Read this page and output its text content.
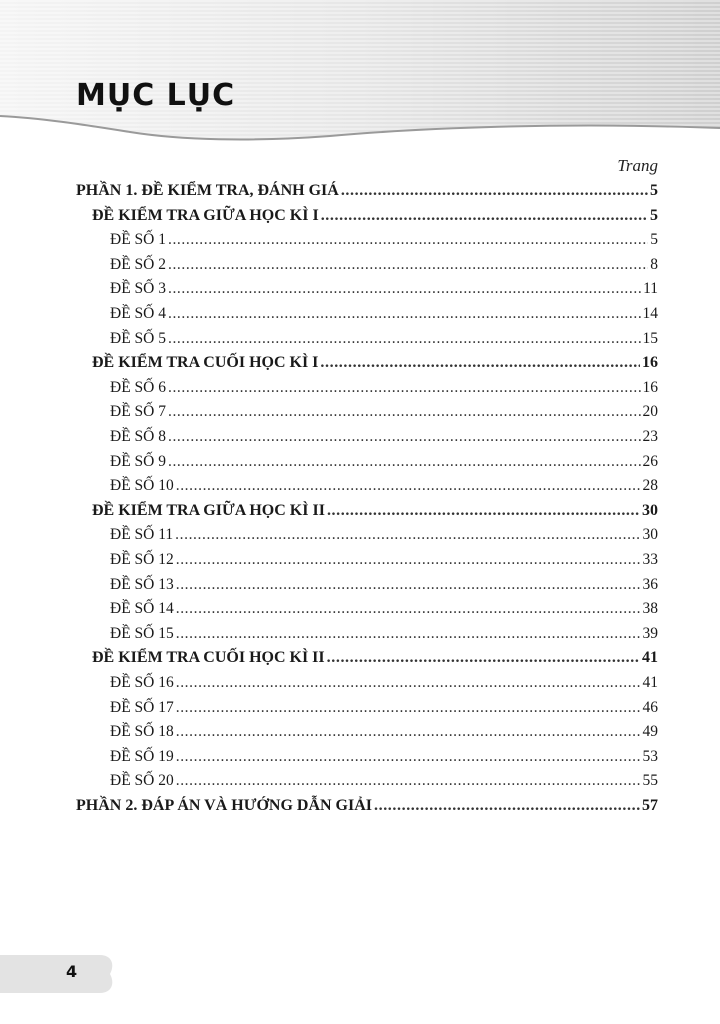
MỤC LỤC
Trang
PHẦN 1. ĐỀ KIỂM TRA, ĐÁNH GIÁ .....	5
ĐỀ KIỂM TRA GIỮA HỌC KÌ I .....	5
ĐỀ SỐ 1 .....	5
ĐỀ SỐ 2 .....	8
ĐỀ SỐ 3 .....	11
ĐỀ SỐ 4 .....	14
ĐỀ SỐ 5 .....	15
ĐỀ KIỂM TRA CUỐI HỌC KÌ I .....	16
ĐỀ SỐ 6 .....	16
ĐỀ SỐ 7 .....	20
ĐỀ SỐ 8 .....	23
ĐỀ SỐ 9 .....	26
ĐỀ SỐ 10 .....	28
ĐỀ KIỂM TRA GIỮA HỌC KÌ II .....	30
ĐỀ SỐ 11 .....	30
ĐỀ SỐ 12 .....	33
ĐỀ SỐ 13 .....	36
ĐỀ SỐ 14 .....	38
ĐỀ SỐ 15 .....	39
ĐỀ KIỂM TRA CUỐI HỌC KÌ II .....	41
ĐỀ SỐ 16 .....	41
ĐỀ SỐ 17 .....	46
ĐỀ SỐ 18 .....	49
ĐỀ SỐ 19 .....	53
ĐỀ SỐ 20 .....	55
PHẦN 2. ĐÁP ÁN VÀ HƯỚNG DẪN GIẢI .....	57
4
